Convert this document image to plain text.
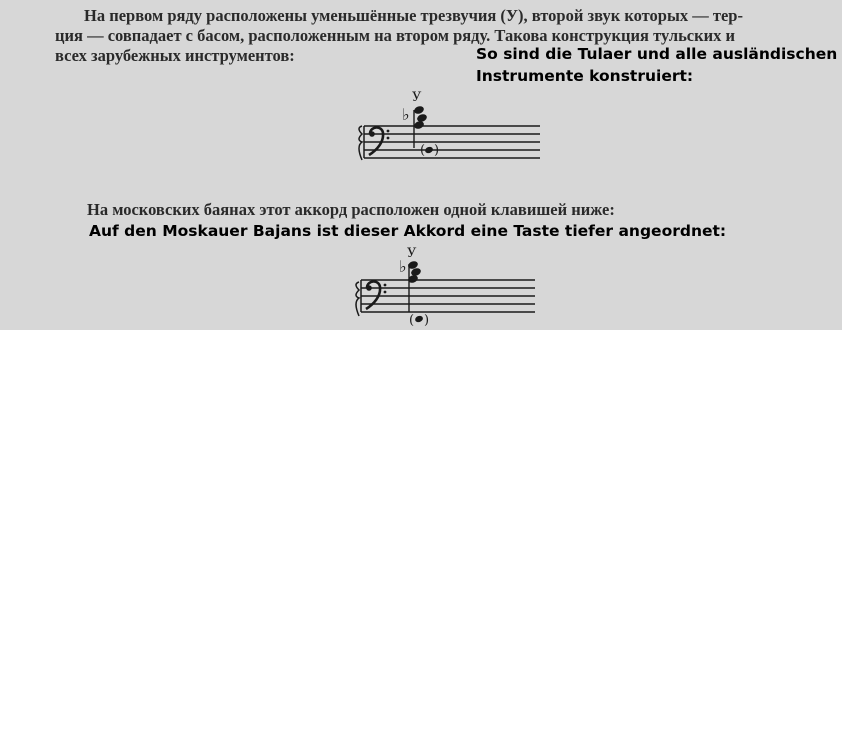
На первом ряду расположены уменьшённые трезвучия (У), второй звук которых — тер-
ция — совпадает с басом, расположенным на втором ряду. Такова конструкция тульских и
всех зарубежных инструментов:	So sind die Tulaer und alle ausländischen
Instrumente konstruiert:
У
♭
( )
На московских баянах этот аккорд расположен одной клавишей ниже:
Auf den Moskauer Bajans ist dieser Akkord eine Taste tiefer angeordnet:
У
♭
( )
